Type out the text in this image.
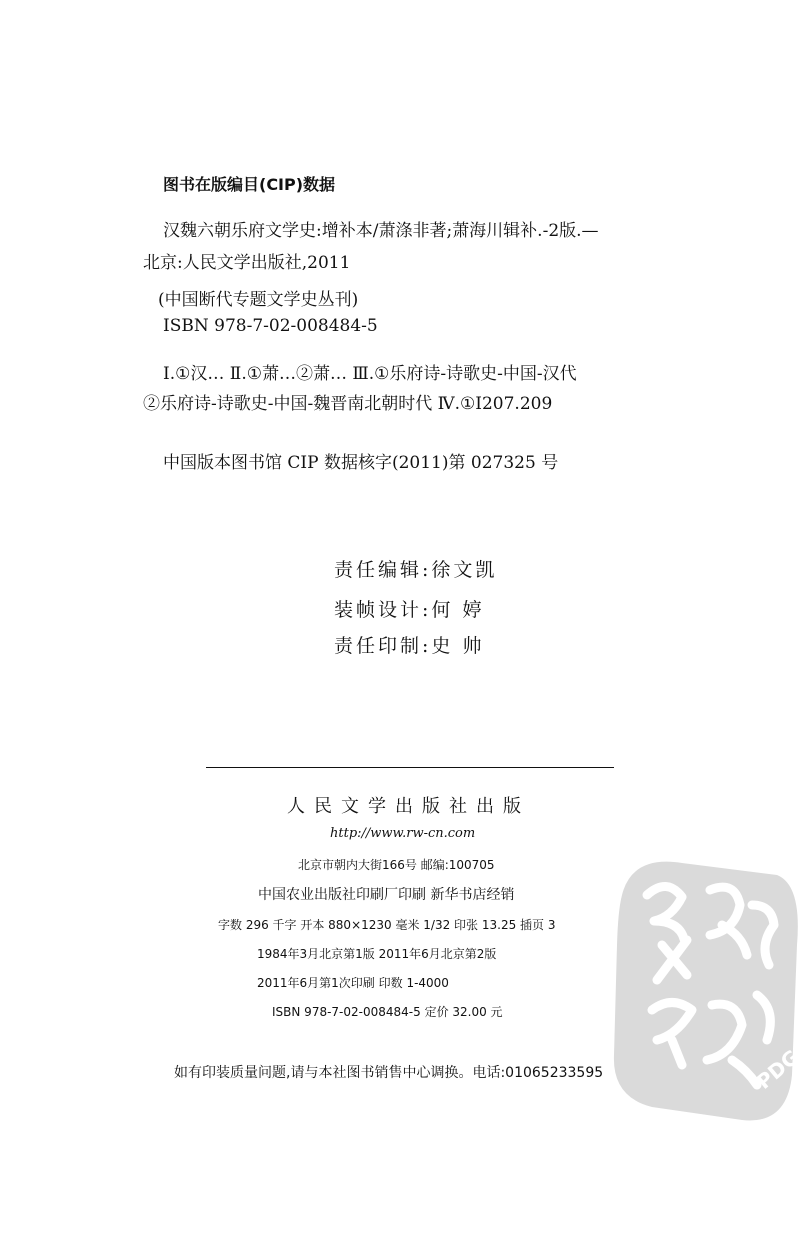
图书在版编目(CIP)数据
汉魏六朝乐府文学史:增补本/萧涤非著;萧海川辑补.-2版.—
北京:人民文学出版社,2011
(中国断代专题文学史丛刊)
ISBN 978-7-02-008484-5
Ⅰ.①汉… Ⅱ.①萧…②萧… Ⅲ.①乐府诗-诗歌史-中国-汉代
②乐府诗-诗歌史-中国-魏晋南北朝时代 Ⅳ.①I207.209
中国版本图书馆 CIP 数据核字(2011)第 027325 号
责任编辑:徐文凯
装帧设计:何 婷
责任印制:史 帅
人民文学出版社出版
http://www.rw-cn.com
北京市朝内大街166号 邮编:100705
中国农业出版社印刷厂印刷 新华书店经销
字数 296 千字 开本 880×1230 毫米 1/32 印张 13.25 插页 3
1984年3月北京第1版 2011年6月北京第2版
2011年6月第1次印刷 印数 1-4000
ISBN 978-7-02-008484-5 定价 32.00 元
如有印装质量问题,请与本社图书销售中心调换。电话:01065233595	PDG
